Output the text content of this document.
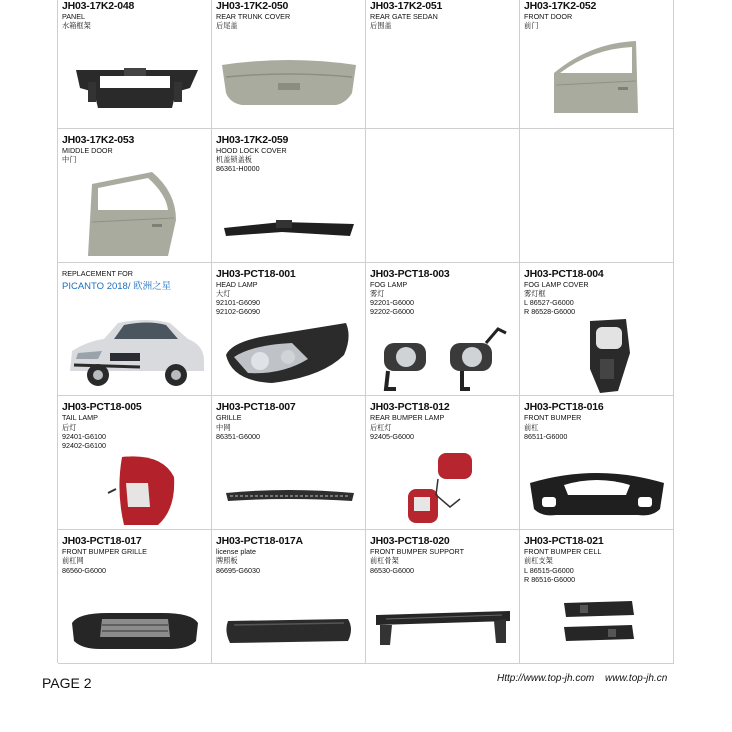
JH03-17K2-048
PANEL
水箱框架
JH03-17K2-050
REAR TRUNK COVER
后尾盖
JH03-17K2-051
REAR GATE SEDAN
后围盖
JH03-17K2-052
FRONT DOOR
前门
JH03-17K2-053
MIDDLE DOOR
中门
JH03-17K2-059
HOOD LOCK COVER
机盖锁盖板
86361-H0000
REPLACEMENT FOR
PICANTO 2018/ 欧洲之星
JH03-PCT18-001
HEAD LAMP
大灯
92101-G6090
92102-G6090
JH03-PCT18-003
FOG LAMP
雾灯
92201-G6000
92202-G6000
JH03-PCT18-004
FOG LAMP COVER
雾灯框
L 86527-G6000
R 86528-G6000
JH03-PCT18-005
TAIL LAMP
后灯
92401-G6100
92402-G6100
JH03-PCT18-007
GRILLE
中网
86351-G6000
JH03-PCT18-012
REAR BUMPER LAMP
后杠灯
92405-G6000
JH03-PCT18-016
FRONT BUMPER
前杠
86511-G6000
JH03-PCT18-017
FRONT BUMPER GRILLE
前杠网
86560-G6000
JH03-PCT18-017A
license plate
牌照板
86695-G6030
JH03-PCT18-020
FRONT BUMPER SUPPORT
前杠骨架
86530-G6000
JH03-PCT18-021
FRONT BUMPER CELL
前杠支架
L 86515-G6000
R 86516-G6000
PAGE 2	Http://www.top-jh.com www.top-jh.cn
